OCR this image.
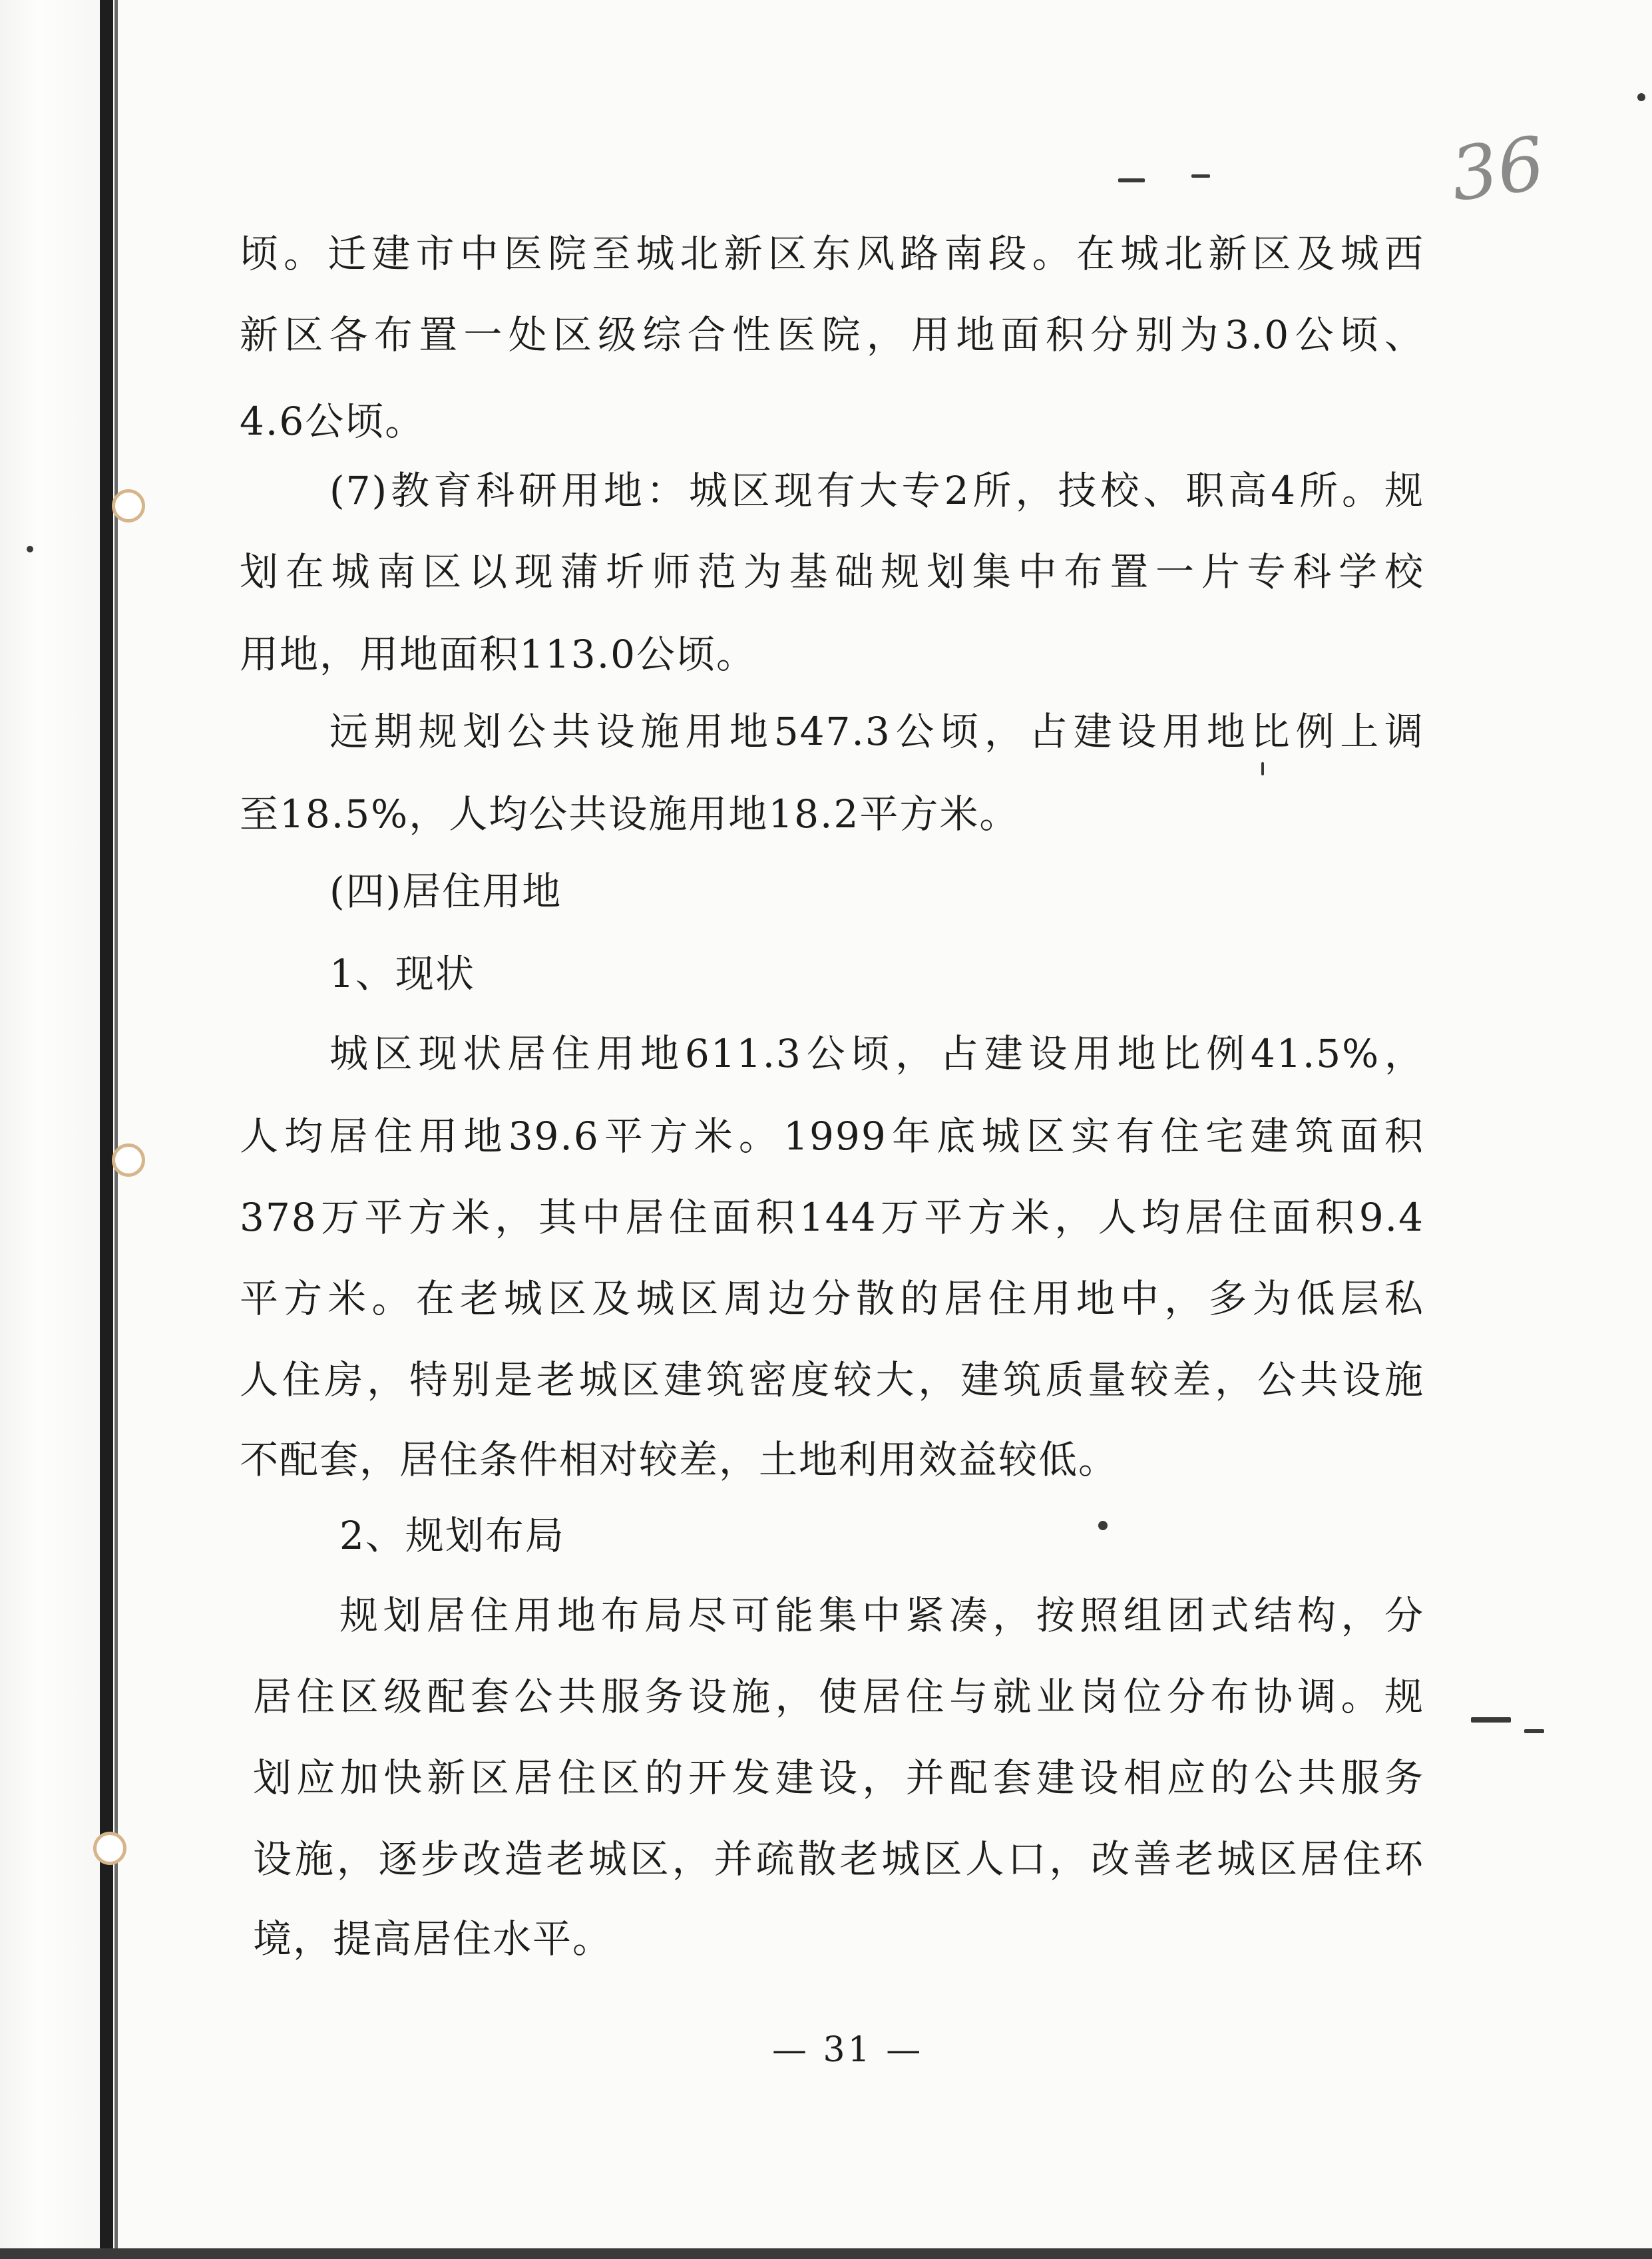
36
顷。迁建市中医院至城北新区东风路南段。在城北新区及城西
新区各布置一处区级综合性医院，用地面积分别为3.0公顷、
4.6公顷。
(7)教育科研用地：城区现有大专2所，技校、职高4所。规
划在城南区以现蒲圻师范为基础规划集中布置一片专科学校
用地，用地面积113.0公顷。
远期规划公共设施用地547.3公顷，占建设用地比例上调
至18.5%，人均公共设施用地18.2平方米。
(四)居住用地
1、现状
城区现状居住用地611.3公顷，占建设用地比例41.5%，
人均居住用地39.6平方米。1999年底城区实有住宅建筑面积
378万平方米，其中居住面积144万平方米，人均居住面积9.4
平方米。在老城区及城区周边分散的居住用地中，多为低层私
人住房，特别是老城区建筑密度较大，建筑质量较差，公共设施
不配套，居住条件相对较差，土地利用效益较低。
2、规划布局
规划居住用地布局尽可能集中紧凑，按照组团式结构，分
居住区级配套公共服务设施，使居住与就业岗位分布协调。规
划应加快新区居住区的开发建设，并配套建设相应的公共服务
设施，逐步改造老城区，并疏散老城区人口，改善老城区居住环
境，提高居住水平。
— 31 —
